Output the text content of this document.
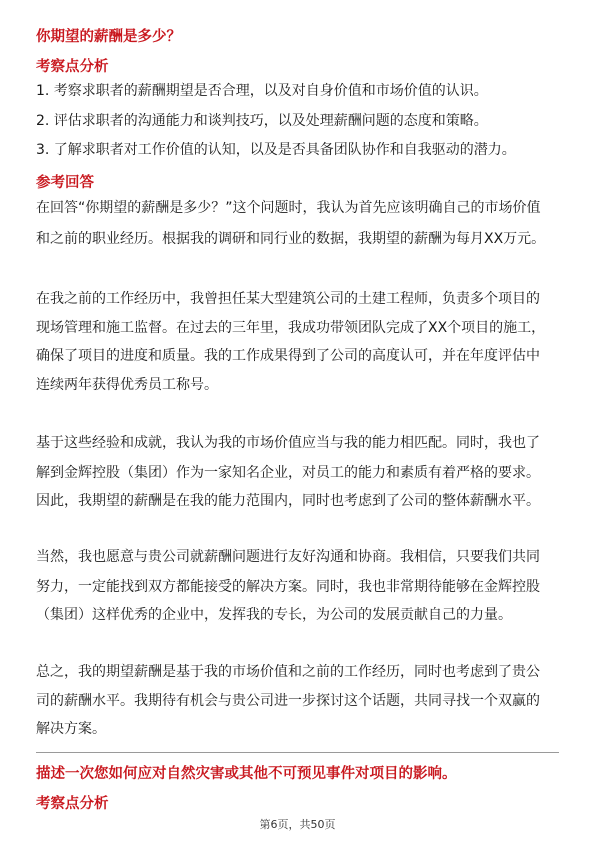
你期望的薪酬是多少？
考察点分析
1. 考察求职者的薪酬期望是否合理，以及对自身价值和市场价值的认识。
2. 评估求职者的沟通能力和谈判技巧，以及处理薪酬问题的态度和策略。
3. 了解求职者对工作价值的认知，以及是否具备团队协作和自我驱动的潜力。
参考回答
在回答“你期望的薪酬是多少？”这个问题时，我认为首先应该明确自己的市场价值
和之前的职业经历。根据我的调研和同行业的数据，我期望的薪酬为每月XX万元。
在我之前的工作经历中，我曾担任某大型建筑公司的土建工程师，负责多个项目的
现场管理和施工监督。在过去的三年里，我成功带领团队完成了XX个项目的施工，
确保了项目的进度和质量。我的工作成果得到了公司的高度认可，并在年度评估中
连续两年获得优秀员工称号。
基于这些经验和成就，我认为我的市场价值应当与我的能力相匹配。同时，我也了
解到金辉控股（集团）作为一家知名企业，对员工的能力和素质有着严格的要求。
因此，我期望的薪酬是在我的能力范围内，同时也考虑到了公司的整体薪酬水平。
当然，我也愿意与贵公司就薪酬问题进行友好沟通和协商。我相信，只要我们共同
努力，一定能找到双方都能接受的解决方案。同时，我也非常期待能够在金辉控股
（集团）这样优秀的企业中，发挥我的专长，为公司的发展贡献自己的力量。
总之，我的期望薪酬是基于我的市场价值和之前的工作经历，同时也考虑到了贵公
司的薪酬水平。我期待有机会与贵公司进一步探讨这个话题，共同寻找一个双赢的
解决方案。
描述一次您如何应对自然灾害或其他不可预见事件对项目的影响。
考察点分析
第6页，共50页
